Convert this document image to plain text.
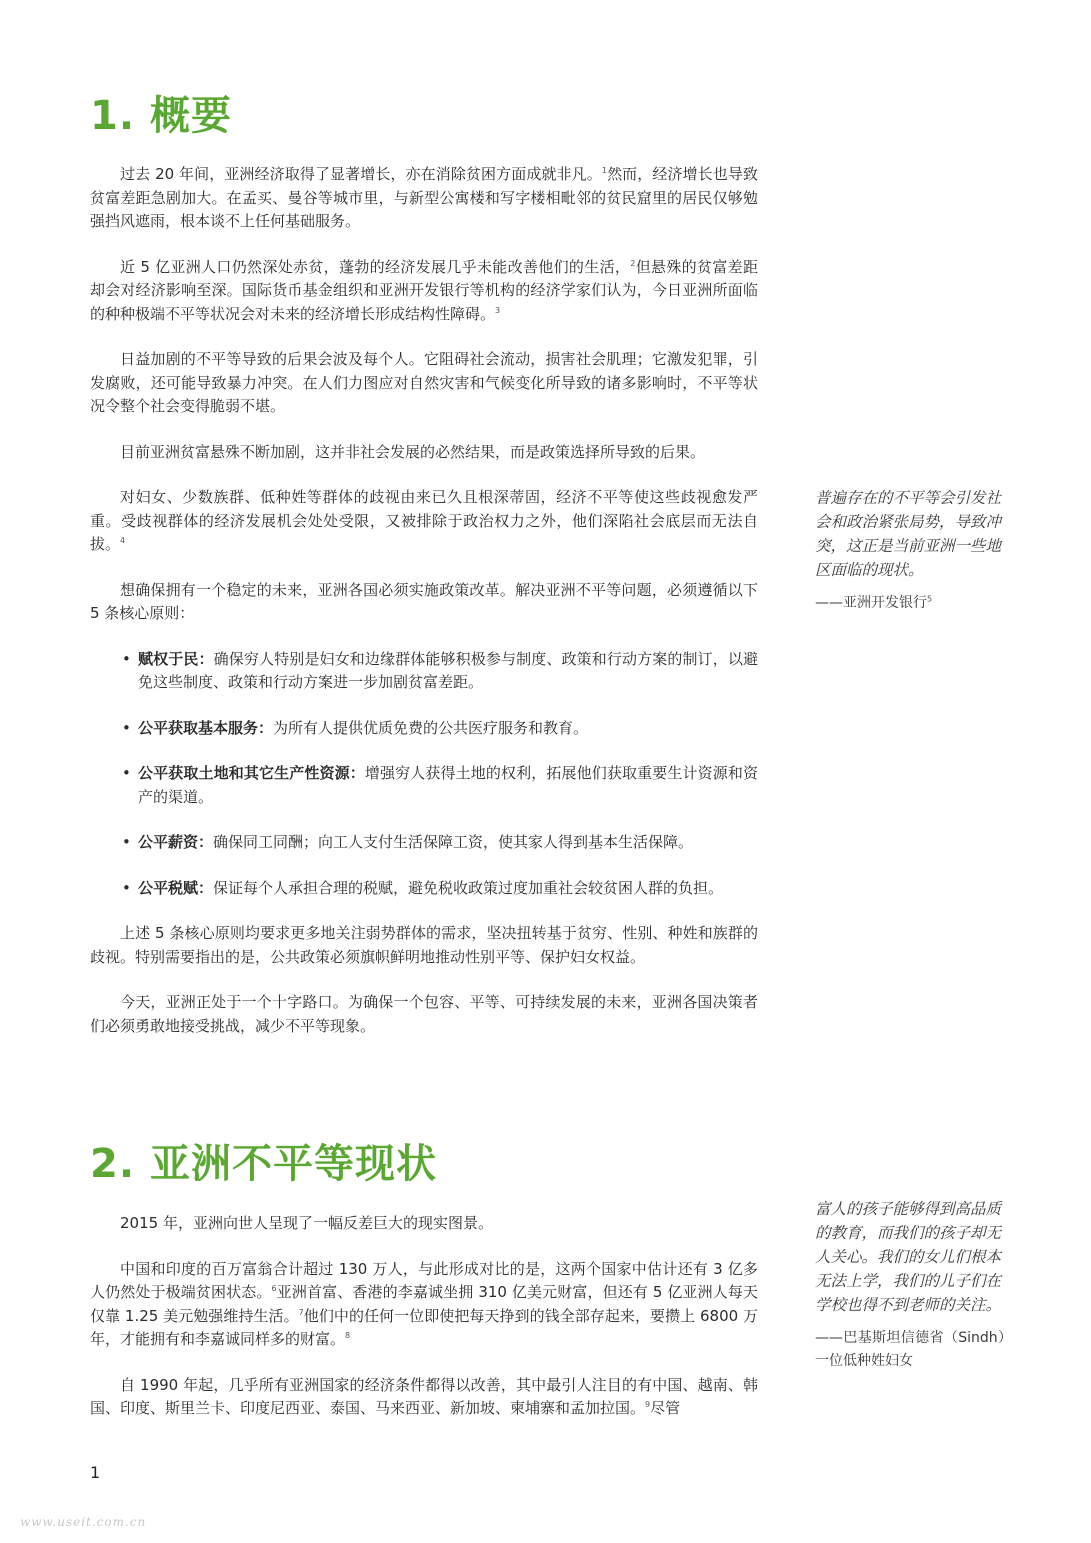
1. 概要

过去 20 年间，亚洲经济取得了显著增长，亦在消除贫困方面成就非凡。$^1$然而，经济增长也导致贫富差距急剧加大。在孟买、曼谷等城市里，与新型公寓楼和写字楼相毗邻的贫民窟里的居民仅够勉强挡风遮雨，根本谈不上任何基础服务。

近 5 亿亚洲人口仍然深处赤贫，蓬勃的经济发展几乎未能改善他们的生活，$^2$但悬殊的贫富差距却会对经济影响至深。国际货币基金组织和亚洲开发银行等机构的经济学家们认为，今日亚洲所面临的种种极端不平等状况会对未来的经济增长形成结构性障碍。$^3$

日益加剧的不平等导致的后果会波及每个人。它阻碍社会流动，损害社会肌理；它激发犯罪，引发腐败，还可能导致暴力冲突。在人们力图应对自然灾害和气候变化所导致的诸多影响时，不平等状况令整个社会变得脆弱不堪。

目前亚洲贫富悬殊不断加剧，这并非社会发展的必然结果，而是政策选择所导致的后果。

对妇女、少数族群、低种姓等群体的歧视由来已久且根深蒂固，经济不平等使这些歧视愈发严重。受歧视群体的经济发展机会处处受限，又被排除于政治权力之外，他们深陷社会底层而无法自拔。$^4$

想确保拥有一个稳定的未来，亚洲各国必须实施政策改革。解决亚洲不平等问题，必须遵循以下 5 条核心原则：

• 赋权于民：确保穷人特别是妇女和边缘群体能够积极参与制度、政策和行动方案的制订，以避免这些制度、政策和行动方案进一步加剧贫富差距。
• 公平获取基本服务：为所有人提供优质免费的公共医疗服务和教育。
• 公平获取土地和其它生产性资源：增强穷人获得土地的权利，拓展他们获取重要生计资源和资产的渠道。
• 公平薪资：确保同工同酬；向工人支付生活保障工资，使其家人得到基本生活保障。
• 公平税赋：保证每个人承担合理的税赋，避免税收政策过度加重社会较贫困人群的负担。

上述 5 条核心原则均要求更多地关注弱势群体的需求，坚决扭转基于贫穷、性别、种姓和族群的歧视。特别需要指出的是，公共政策必须旗帜鲜明地推动性别平等、保护妇女权益。

今天，亚洲正处于一个十字路口。为确保一个包容、平等、可持续发展的未来，亚洲各国决策者们必须勇敢地接受挑战，减少不平等现象。

普遍存在的不平等会引发社会和政治紧张局势，导致冲突，这正是当前亚洲一些地区面临的现状。

——亚洲开发银行$^5$

2. 亚洲不平等现状

2015 年，亚洲向世人呈现了一幅反差巨大的现实图景。

中国和印度的百万富翁合计超过 130 万人，与此形成对比的是，这两个国家中估计还有 3 亿多人仍然处于极端贫困状态。$^6$亚洲首富、香港的李嘉诚坐拥 310 亿美元财富，但还有 5 亿亚洲人每天仅靠 1.25 美元勉强维持生活。$^7$他们中的任何一位即使把每天挣到的钱全部存起来，要攒上 6800 万年，才能拥有和李嘉诚同样多的财富。$^8$

自 1990 年起，几乎所有亚洲国家的经济条件都得以改善，其中最引人注目的有中国、越南、韩国、印度、斯里兰卡、印度尼西亚、泰国、马来西亚、新加坡、柬埔寨和孟加拉国。$^9$尽管

富人的孩子能够得到高品质的教育，而我们的孩子却无人关心。我们的女儿们根本无法上学，我们的儿子们在学校也得不到老师的关注。

——巴基斯坦信德省（Sindh）一位低种姓妇女

1
www.useit.com.cn
